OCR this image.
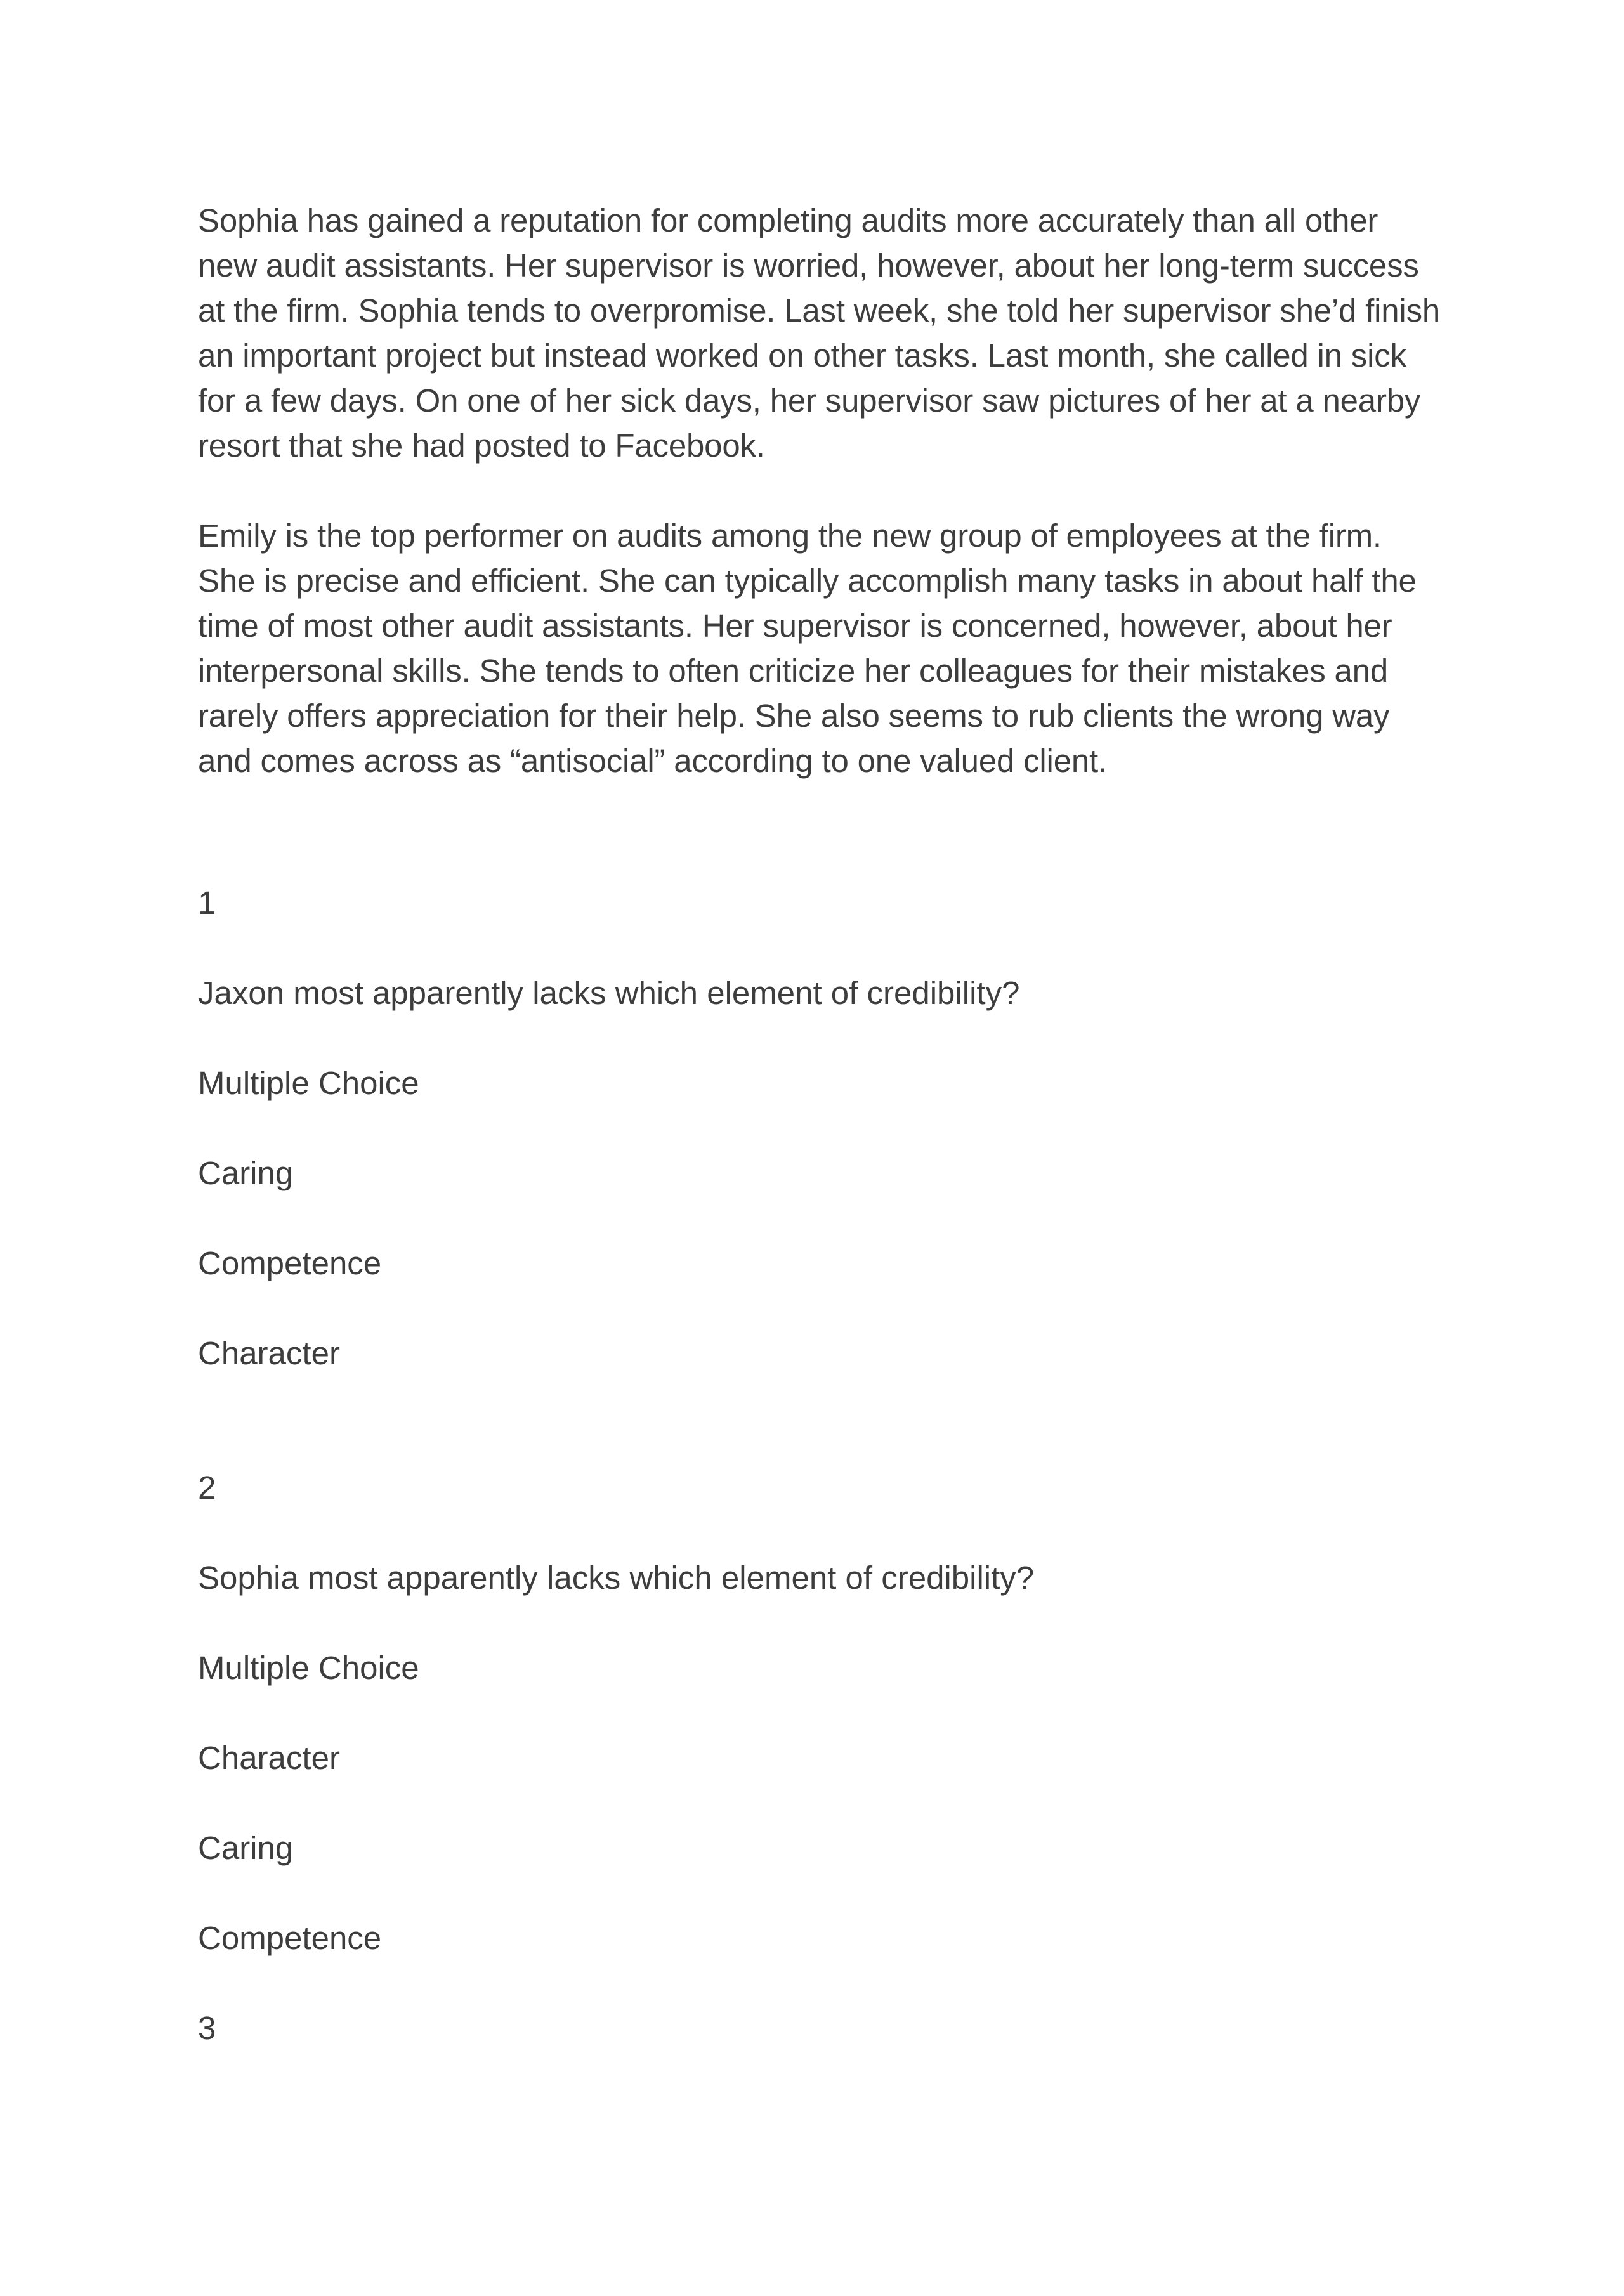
Sophia has gained a reputation for completing audits more accurately than all other new audit assistants. Her supervisor is worried, however, about her long-term success at the firm. Sophia tends to overpromise. Last week, she told her supervisor she’d finish an important project but instead worked on other tasks. Last month, she called in sick for a few days. On one of her sick days, her supervisor saw pictures of her at a nearby resort that she had posted to Facebook.

Emily is the top performer on audits among the new group of employees at the firm. She is precise and efficient. She can typically accomplish many tasks in about half the time of most other audit assistants. Her supervisor is concerned, however, about her interpersonal skills. She tends to often criticize her colleagues for their mistakes and rarely offers appreciation for their help. She also seems to rub clients the wrong way and comes across as “antisocial” according to one valued client.

1

Jaxon most apparently lacks which element of credibility?

Multiple Choice

Caring

Competence

Character

2

Sophia most apparently lacks which element of credibility?

Multiple Choice

Character

Caring

Competence

3
